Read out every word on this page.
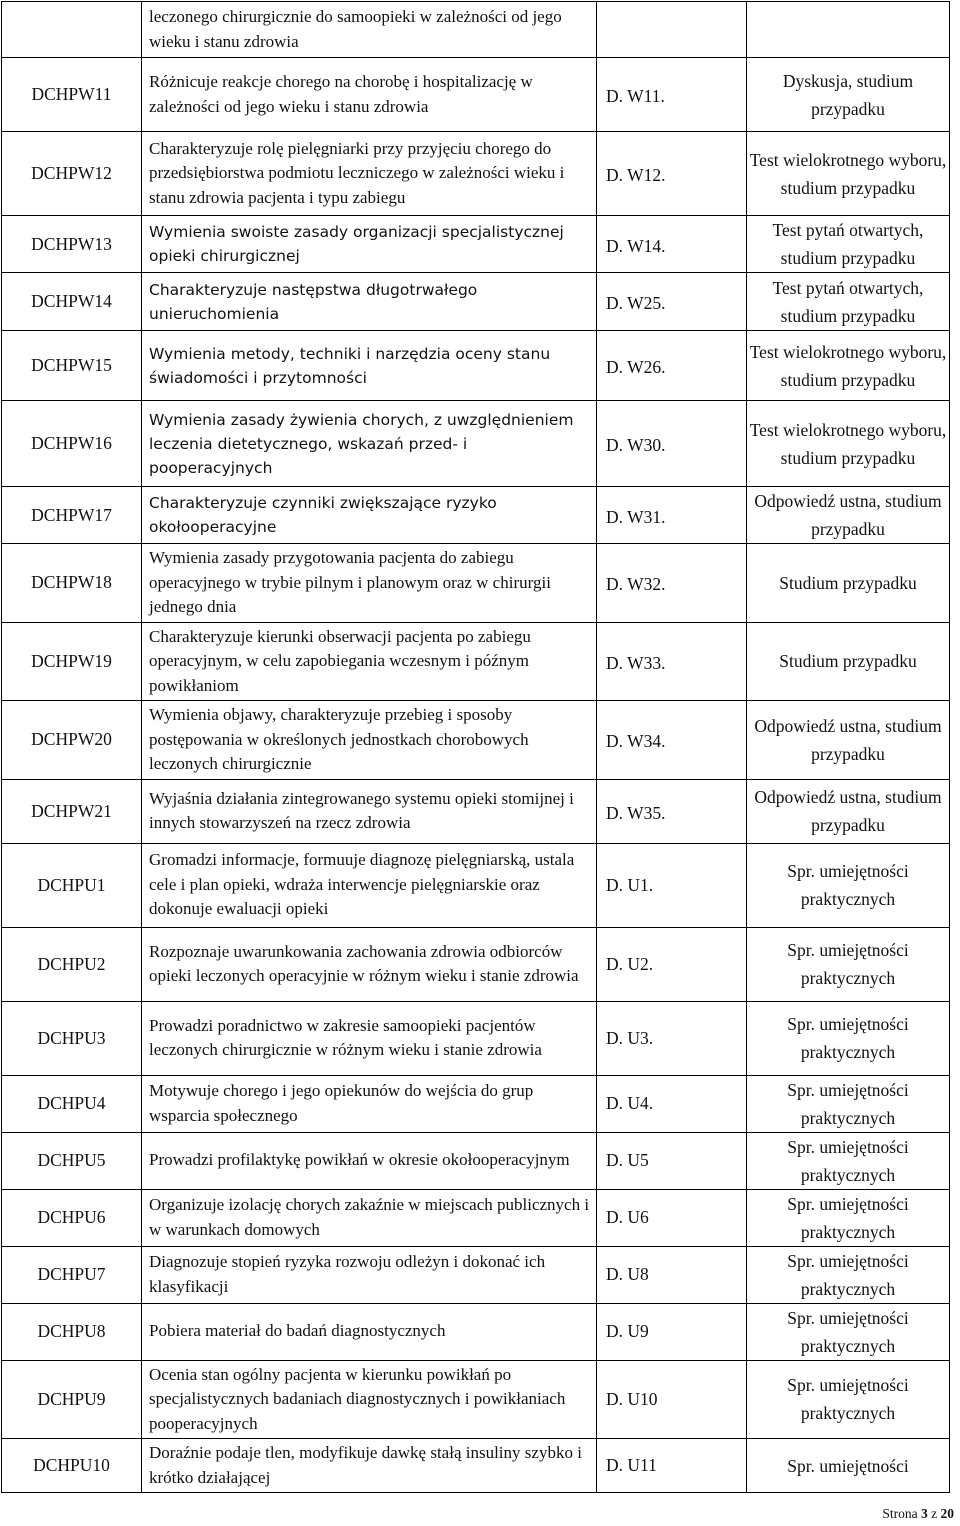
	leczonego chirurgicznie do samoopieki w zależności od jego wieku i stanu zdrowia		
DCHPW11	Różnicuje reakcje chorego na chorobę i hospitalizację w zależności od jego wieku i stanu zdrowia	D. W11.	Dyskusja, studium przypadku
DCHPW12	Charakteryzuje rolę pielęgniarki przy przyjęciu chorego do przedsiębiorstwa podmiotu leczniczego w zależności wieku i stanu zdrowia pacjenta i typu zabiegu	D. W12.	Test wielokrotnego wyboru, studium przypadku
DCHPW13	Wymienia swoiste zasady organizacji specjalistycznej opieki chirurgicznej	D. W14.	Test pytań otwartych, studium przypadku
DCHPW14	Charakteryzuje następstwa długotrwałego unieruchomienia	D. W25.	Test pytań otwartych, studium przypadku
DCHPW15	Wymienia metody, techniki i narzędzia oceny stanu świadomości i przytomności	D. W26.	Test wielokrotnego wyboru, studium przypadku
DCHPW16	Wymienia zasady żywienia chorych, z uwzględnieniem leczenia dietetycznego, wskazań przed- i pooperacyjnych	D. W30.	Test wielokrotnego wyboru, studium przypadku
DCHPW17	Charakteryzuje czynniki zwiększające ryzyko okołooperacyjne	D. W31.	Odpowiedź ustna, studium przypadku
DCHPW18	Wymienia zasady przygotowania pacjenta do zabiegu operacyjnego w trybie pilnym i planowym oraz w chirurgii jednego dnia	D. W32.	Studium przypadku
DCHPW19	Charakteryzuje kierunki obserwacji pacjenta po zabiegu operacyjnym, w celu zapobiegania wczesnym i późnym powikłaniom	D. W33.	Studium przypadku
DCHPW20	Wymienia objawy, charakteryzuje przebieg i sposoby postępowania w określonych jednostkach chorobowych leczonych chirurgicznie	D. W34.	Odpowiedź ustna, studium przypadku
DCHPW21	Wyjaśnia działania zintegrowanego systemu opieki stomijnej i innych stowarzyszeń na rzecz zdrowia	D. W35.	Odpowiedź ustna, studium przypadku
DCHPU1	Gromadzi informacje, formuuje diagnozę pielęgniarską, ustala cele i plan opieki, wdraża interwencje pielęgniarskie oraz dokonuje ewaluacji opieki	D. U1.	Spr. umiejętności praktycznych
DCHPU2	Rozpoznaje uwarunkowania zachowania zdrowia odbiorców opieki leczonych operacyjnie w różnym wieku i stanie zdrowia	D. U2.	Spr. umiejętności praktycznych
DCHPU3	Prowadzi poradnictwo w zakresie samoopieki pacjentów leczonych chirurgicznie w różnym wieku i stanie zdrowia	D. U3.	Spr. umiejętności praktycznych
DCHPU4	Motywuje chorego i jego opiekunów do wejścia do grup wsparcia społecznego	D. U4.	Spr. umiejętności praktycznych
DCHPU5	Prowadzi profilaktykę powikłań w okresie okołooperacyjnym	D. U5	Spr. umiejętności praktycznych
DCHPU6	Organizuje izolację chorych zakaźnie w miejscach publicznych i w warunkach domowych	D. U6	Spr. umiejętności praktycznych
DCHPU7	Diagnozuje stopień ryzyka rozwoju odleżyn i dokonać ich klasyfikacji	D. U8	Spr. umiejętności praktycznych
DCHPU8	Pobiera materiał do badań diagnostycznych	D. U9	Spr. umiejętności praktycznych
DCHPU9	Ocenia stan ogólny pacjenta w kierunku powikłań po specjalistycznych badaniach diagnostycznych i powikłaniach pooperacyjnych	D. U10	Spr. umiejętności praktycznych
DCHPU10	Doraźnie podaje tlen, modyfikuje dawkę stałą insuliny szybko i krótko działającej	D. U11	Spr. umiejętności
Strona 3 z 20
